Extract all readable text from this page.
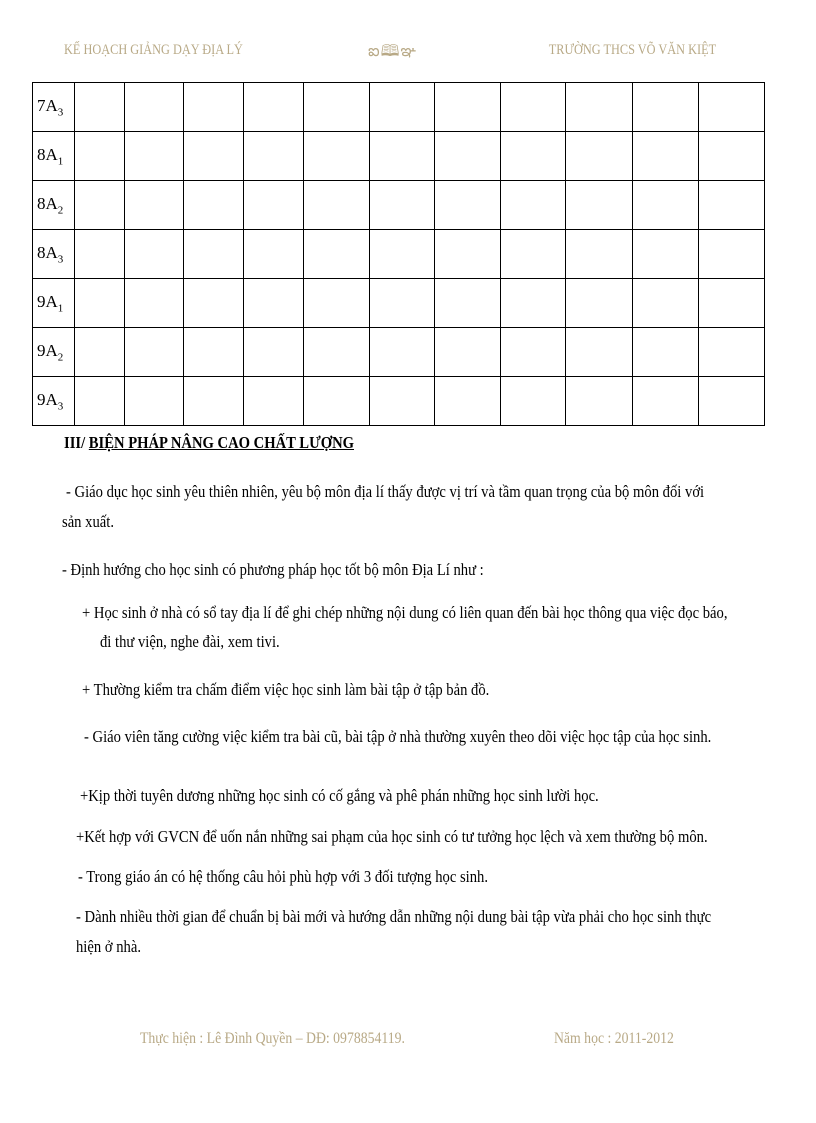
KẾ HOẠCH GIẢNG DẠY ĐỊA LÝ	ఐ🕮ఞ	TRƯỜNG THCS VÕ VĂN KIỆT
$7A_3$											
$8A_1$											
$8A_2$											
$8A_3$											
$9A_1$											
$9A_2$											
$9A_3$											
III/ BIỆN PHÁP NÂNG CAO CHẤT LƯỢNG
- Giáo dục học sinh yêu thiên nhiên, yêu bộ môn địa lí thấy được vị trí và tầm quan trọng của bộ môn đối với
sản xuất.
- Định hướng cho học sinh có phương pháp học tốt bộ môn Địa Lí như :
+ Học sinh ở nhà có sổ tay địa lí để ghi chép những nội dung có liên quan đến bài học thông qua việc đọc báo,
đi thư viện, nghe đài, xem tivi.
+ Thường kiểm tra chấm điểm việc học sinh làm bài tập ở tập bản đồ.
- Giáo viên tăng cường việc kiểm tra bài cũ, bài tập ở nhà thường xuyên theo dõi việc học tập của học sinh.
+Kịp thời tuyên dương những học sinh có cố gắng và phê phán những học sinh lười học.
+Kết hợp với GVCN để uốn nắn những sai phạm của học sinh có tư tưởng học lệch và xem thường bộ môn.
- Trong giáo án có hệ thống câu hỏi phù hợp với 3 đối tượng học sinh.
- Dành nhiều thời gian để chuẩn bị bài mới và hướng dẫn những nội dung bài tập vừa phải cho học sinh thực
hiện ở nhà.
Thực hiện : Lê Đình Quyền – DĐ: 0978854119.	Năm học : 2011-2012
